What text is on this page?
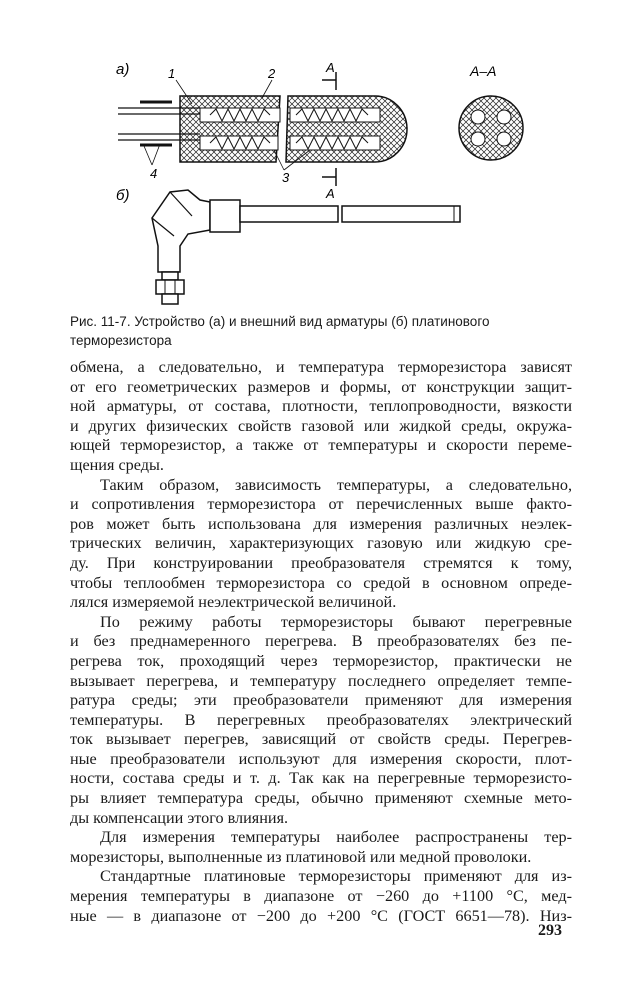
а)	А
А
1	2
3
4
А–А
б)

Рис. 11-7. Устройство (а) и внешний вид арматуры (б) платинового терморезистора

обмена, а следовательно, и температура терморезистора зависят

от его геометрических размеров и формы, от конструкции защит-

ной арматуры, от состава, плотности, теплопроводности, вязкости

и других физических свойств газовой или жидкой среды, окружа-

ющей терморезистор, а также от температуры и скорости переме-

щения среды.

Таким образом, зависимость температуры, а следовательно,

и сопротивления терморезистора от перечисленных выше факто-

ров может быть использована для измерения различных неэлек-

трических величин, характеризующих газовую или жидкую сре-

ду. При конструировании преобразователя стремятся к тому,

чтобы теплообмен терморезистора со средой в основном опреде-

лялся измеряемой неэлектрической величиной.

По режиму работы терморезисторы бывают перегревные

и без преднамеренного перегрева. В преобразователях без пе-

регрева ток, проходящий через терморезистор, практически не

вызывает перегрева, и температуру последнего определяет темпе-

ратура среды; эти преобразователи применяют для измерения

температуры. В перегревных преобразователях электрический

ток вызывает перегрев, зависящий от свойств среды. Перегрев-

ные преобразователи используют для измерения скорости, плот-

ности, состава среды и т. д. Так как на перегревные терморезисто-

ры влияет температура среды, обычно применяют схемные мето-

ды компенсации этого влияния.

Для измерения температуры наиболее распространены тер-

морезисторы, выполненные из платиновой или медной проволоки.

Стандартные платиновые терморезисторы применяют для из-

мерения температуры в диапазоне от −260 до +1100 °С, мед-

ные — в диапазоне от −200 до +200 °С (ГОСТ 6651—78). Низ-

293
